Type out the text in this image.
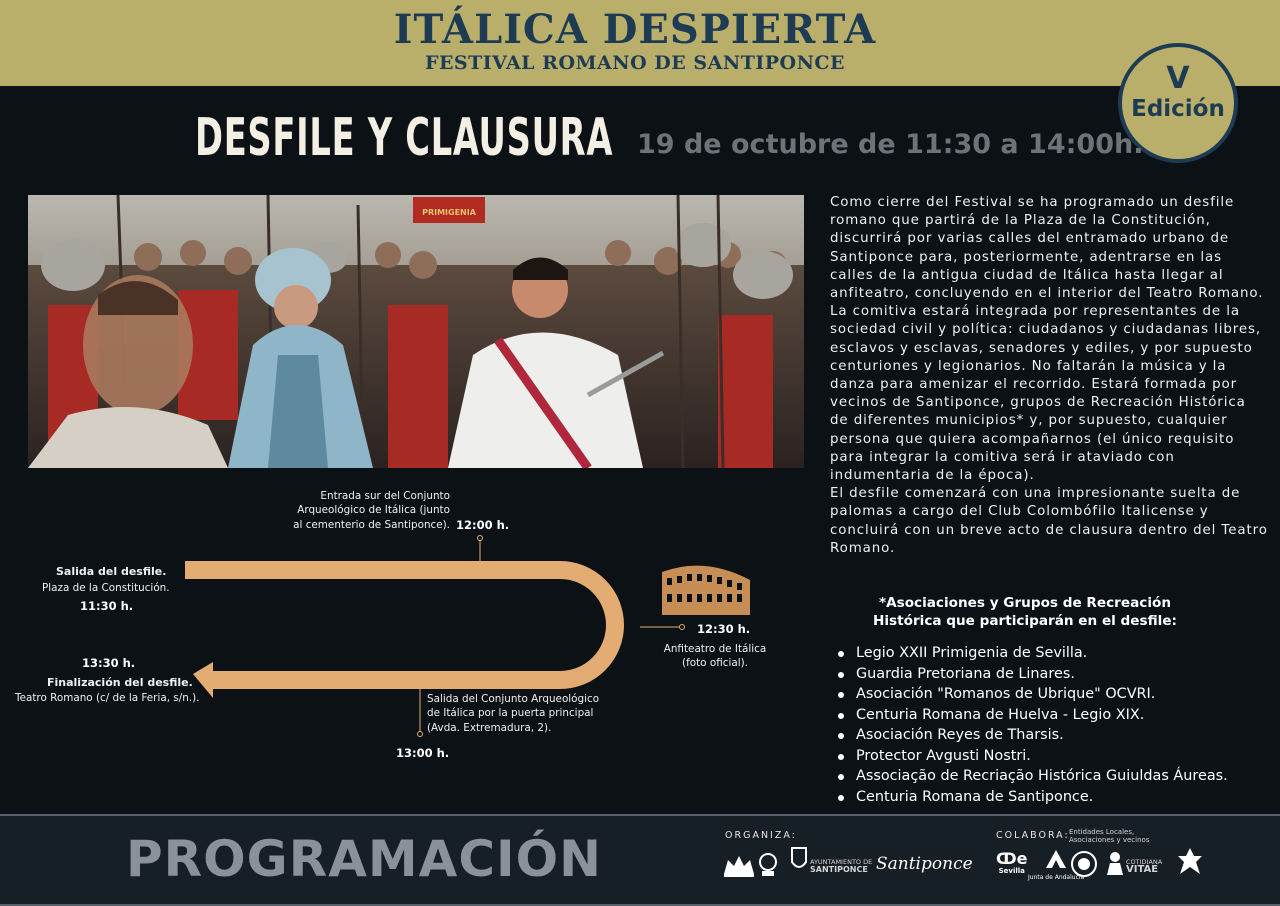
ITÁLICA DESPIERTA
FESTIVAL ROMANO DE SANTIPONCE	V
Edición
DESFILE Y CLAUSURA 19 de octubre de 11:30 a 14:00h.
PRIMIGENIA

Como cierre del Festival se ha programado un desfile romano que partirá de la Plaza de la Constitución, discurrirá por varias calles del entramado urbano de Santiponce para, posteriormente, adentrarse en las calles de la antigua ciudad de Itálica hasta llegar al anfiteatro, concluyendo en el interior del Teatro Romano.

La comitiva estará integrada por representantes de la sociedad civil y política: ciudadanos y ciudadanas libres, esclavos y esclavas, senadores y ediles, y por supuesto centuriones y legionarios. No faltarán la música y la danza para amenizar el recorrido. Estará formada por vecinos de Santiponce, grupos de Recreación Histórica de diferentes municipios* y, por supuesto, cualquier persona que quiera acompañarnos (el único requisito para integrar la comitiva será ir ataviado con indumentaria de la época).

El desfile comenzará con una impresionante suelta de palomas a cargo del Club Colombófilo Italicense y concluirá con un breve acto de clausura dentro del Teatro Romano.

*Asociaciones y Grupos de Recreación
Histórica que participarán en el desfile:
Legio XXII Primigenia de Sevilla.
Guardia Pretoriana de Linares.
Asociación "Romanos de Ubrique" OCVRI.
Centuria Romana de Huelva - Legio XIX.
Asociación Reyes de Tharsis.
Protector Avgusti Nostri.
Associação de Recriação Histórica Guiuldas Áureas.
Centuria Romana de Santiponce.
Entrada sur del Conjunto
Arqueológico de Itálica (junto
al cementerio de Santiponce). 12:00 h.
Salida del desfile.
Plaza de la Constitución.
11:30 h.
12:30 h.
Anfiteatro de Itálica
(foto oficial).
13:30 h.
Finalización del desfile.
Teatro Romano (c/ de la Feria, s/n.).	Salida del Conjunto Arqueológico
de Itálica por la puerta principal
(Avda. Extremadura, 2).
13:00 h.
PROGRAMACIÓN	ORGANIZA:
AYUNTAMIENTO DE
SANTIPONCE Santiponce
COLABORA: Entidades Locales,
Asociaciones y vecinos
ↀe
Sevilla
Junta de Andalucía
COTIDIANA
VITAE
